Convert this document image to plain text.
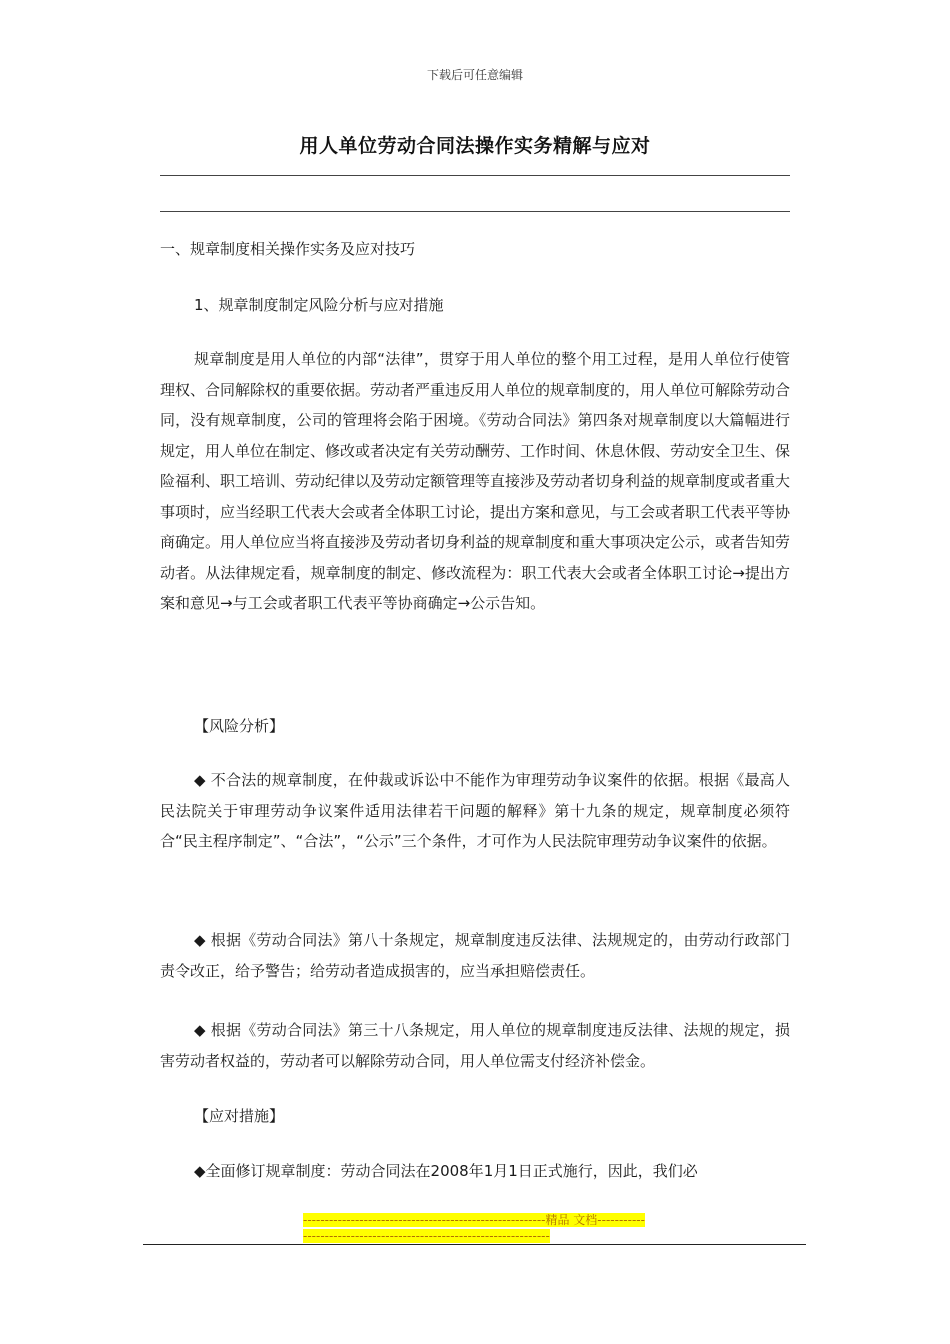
下载后可任意编辑
用人单位劳动合同法操作实务精解与应对
一、规章制度相关操作实务及应对技巧
1、规章制度制定风险分析与应对措施
规章制度是用人单位的内部“法律”，贯穿于用人单位的整个用工过程，是用人单位行使管理权、合同解除权的重要依据。劳动者严重违反用人单位的规章制度的，用人单位可解除劳动合同，没有规章制度，公司的管理将会陷于困境。《劳动合同法》第四条对规章制度以大篇幅进行规定，用人单位在制定、修改或者决定有关劳动酬劳、工作时间、休息休假、劳动安全卫生、保险福利、职工培训、劳动纪律以及劳动定额管理等直接涉及劳动者切身利益的规章制度或者重大事项时，应当经职工代表大会或者全体职工讨论，提出方案和意见，与工会或者职工代表平等协商确定。用人单位应当将直接涉及劳动者切身利益的规章制度和重大事项决定公示，或者告知劳动者。从法律规定看，规章制度的制定、修改流程为：职工代表大会或者全体职工讨论→提出方案和意见→与工会或者职工代表平等协商确定→公示告知。
【风险分析】
◆ 不合法的规章制度，在仲裁或诉讼中不能作为审理劳动争议案件的依据。根据《最高人民法院关于审理劳动争议案件适用法律若干问题的解释》第十九条的规定，规章制度必须符合“民主程序制定”、“合法”，“公示”三个条件，才可作为人民法院审理劳动争议案件的依据。
◆ 根据《劳动合同法》第八十条规定，规章制度违反法律、法规规定的，由劳动行政部门责令改正，给予警告；给劳动者造成损害的，应当承担赔偿责任。
◆ 根据《劳动合同法》第三十八条规定，用人单位的规章制度违反法律、法规的规定，损害劳动者权益的，劳动者可以解除劳动合同，用人单位需支付经济补偿金。
【应对措施】
◆全面修订规章制度：劳动合同法在2008年1月1日正式施行，因此，我们必
--------------------------------------------------------精品 文档--------------------------------------------------------------------
